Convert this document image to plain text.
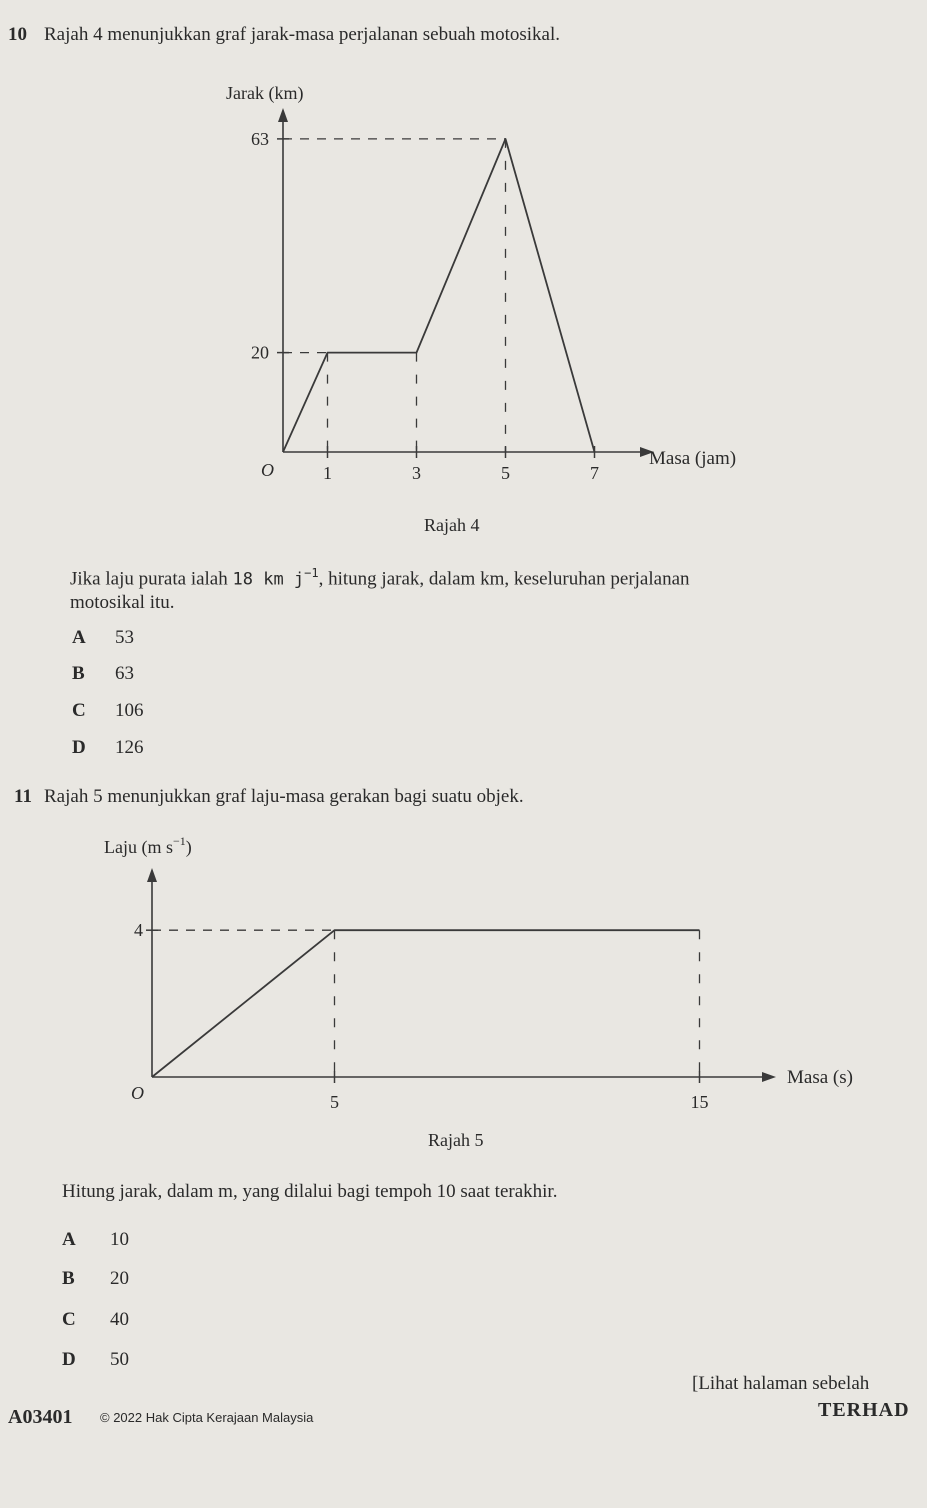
10 Rajah 4 menunjukkan graf jarak-masa perjalanan sebuah motosikal.
Jarak (km)
Masa (jam)
O
20
63
1	3	5	7
Rajah 4
Jika laju purata ialah 18 km $j^{-1}$, hitung jarak, dalam km, keseluruhan perjalanan
motosikal itu.
A 53
B 63
C 106
D 126
11 Rajah 5 menunjukkan graf laju-masa gerakan bagi suatu objek.
Laju (m $s^{-1}$)
Masa (s)
O
4
5	15
Rajah 5
Hitung jarak, dalam m, yang dilalui bagi tempoh 10 saat terakhir.
A 10
B 20
C 40
D 50
[Lihat halaman sebelah
A03401 © 2022 Hak Cipta Kerajaan Malaysia	TERHAD
